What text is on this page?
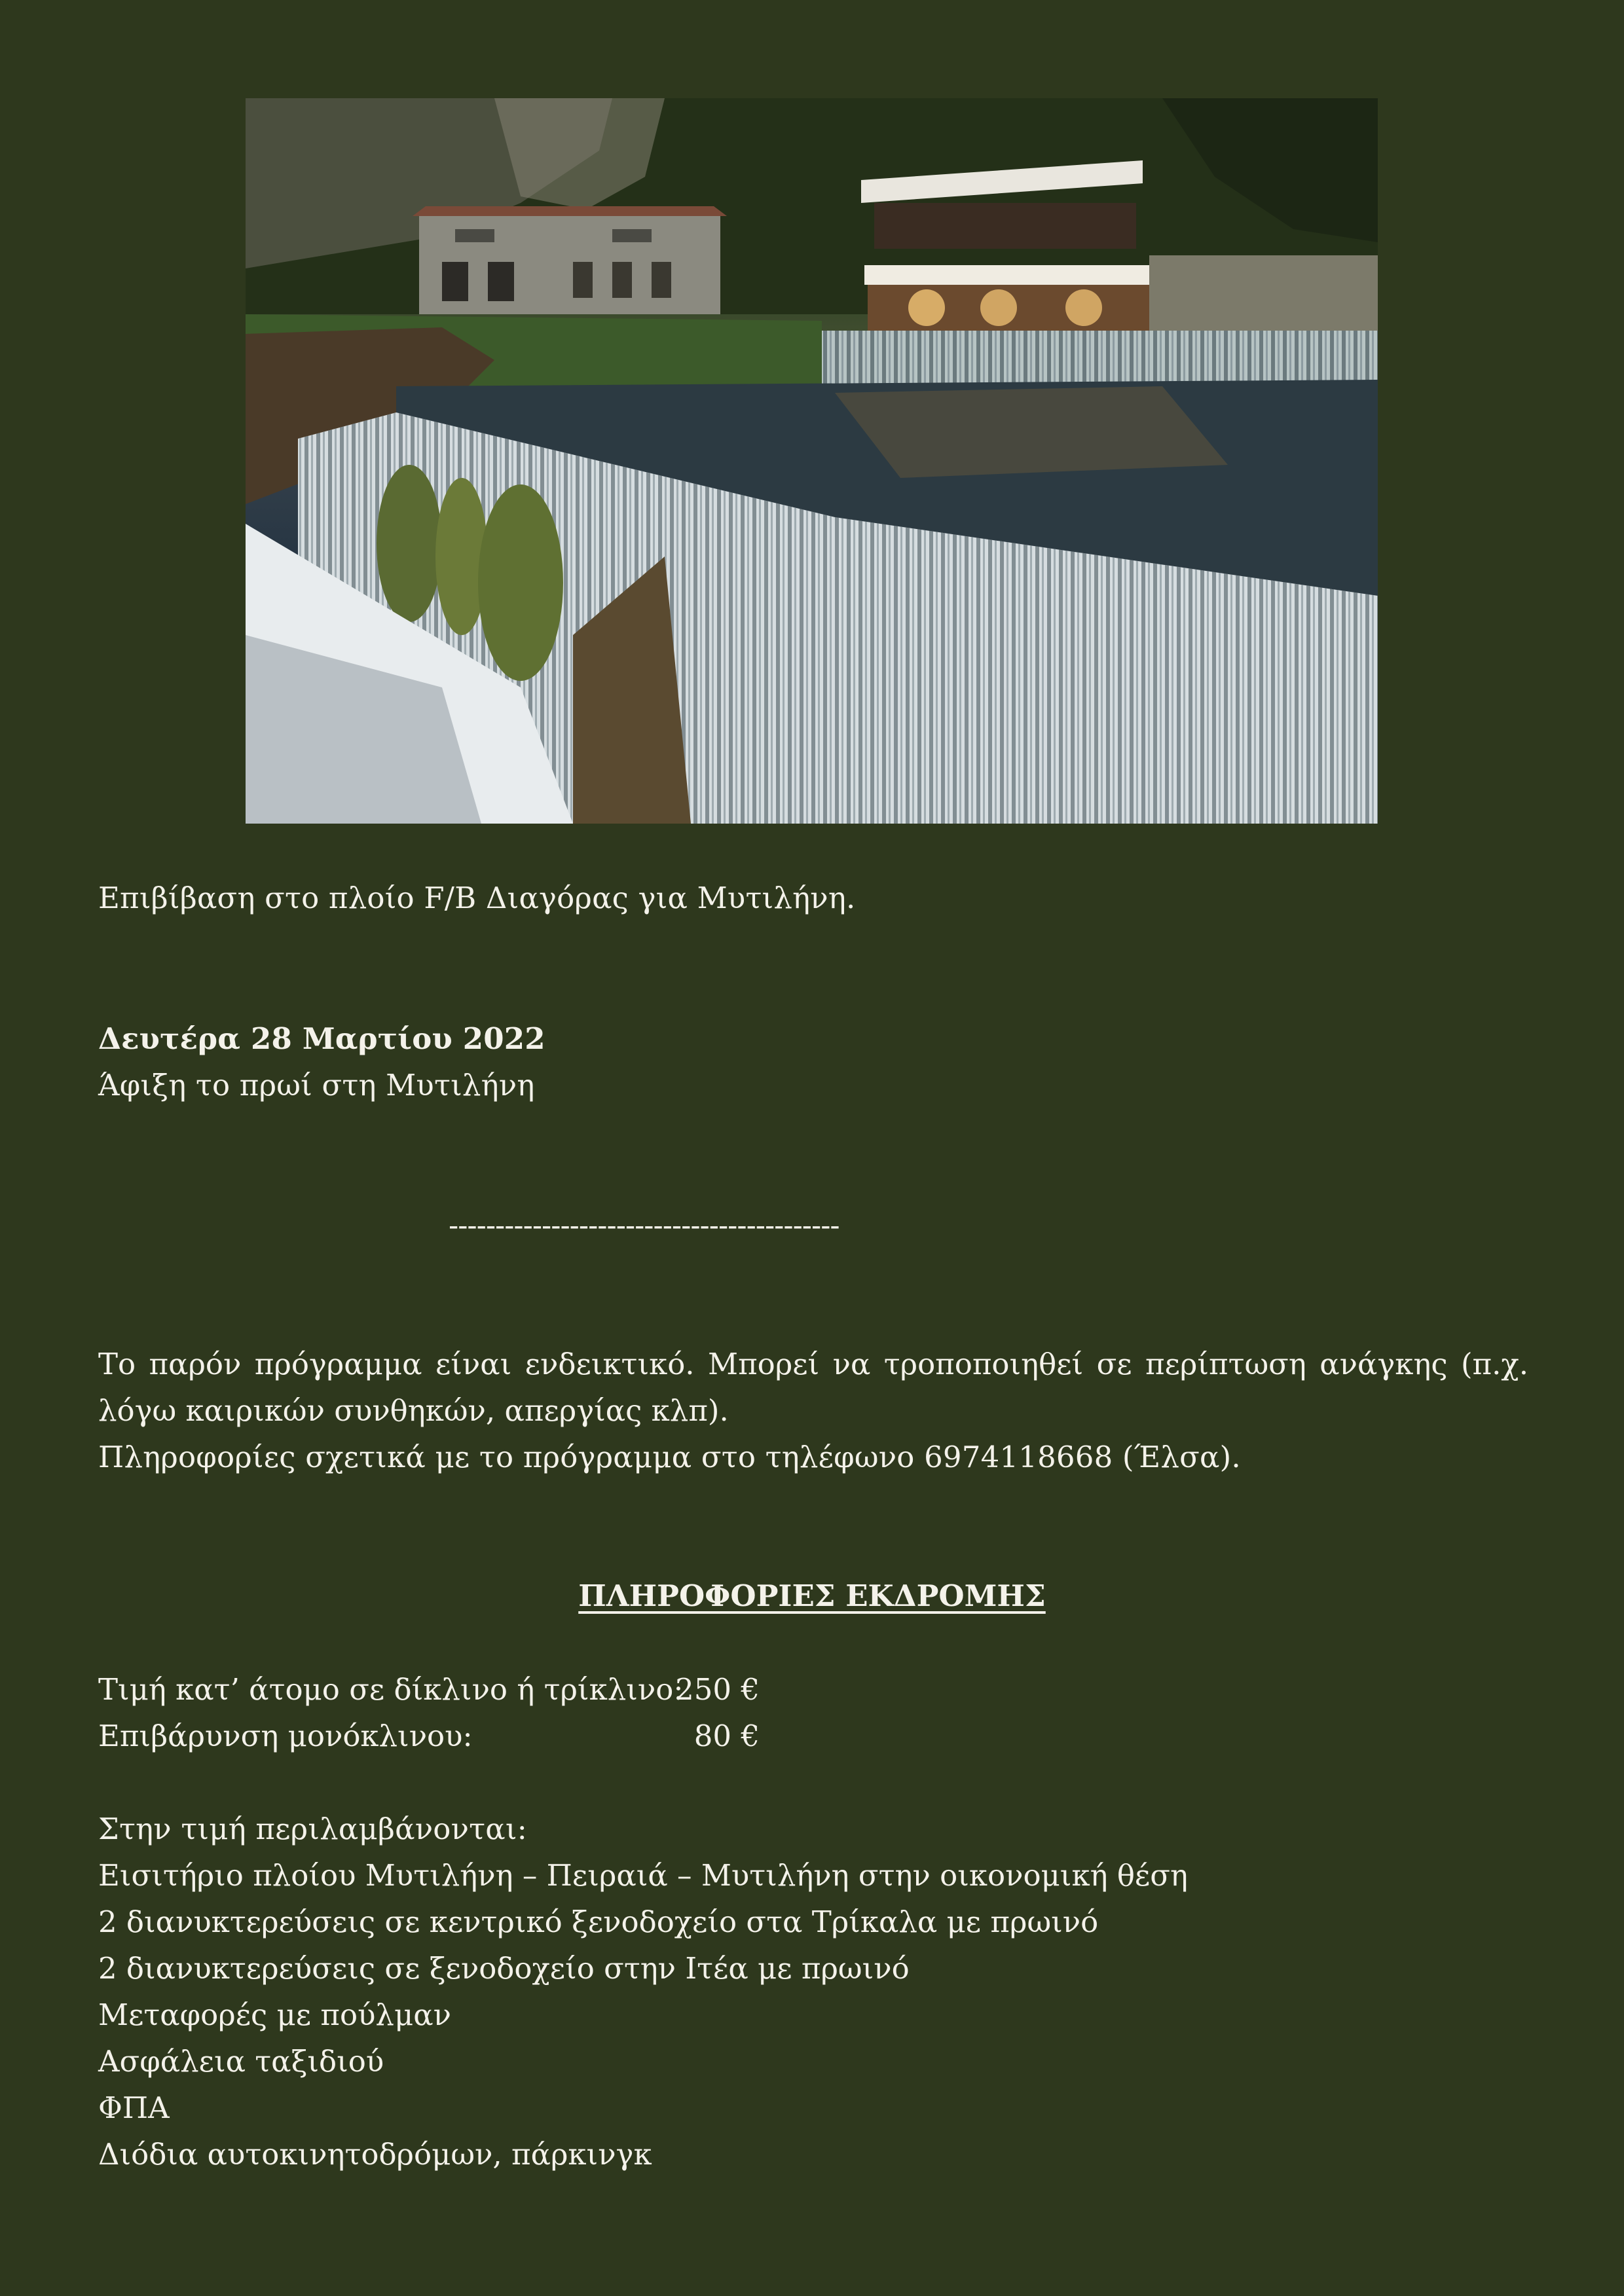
Επιβίβαση στο πλοίο F/B Διαγόρας για Μυτιλήνη.
Δευτέρα 28 Μαρτίου 2022
Άφιξη το πρωί στη Μυτιλήνη
------------------------------------------
Το παρόν πρόγραμμα είναι ενδεικτικό. Μπορεί να τροποποιηθεί σε περίπτωση ανάγκης (π.χ. λόγω καιρικών συνθηκών, απεργίας κλπ).
Πληροφορίες σχετικά με το πρόγραμμα στο τηλέφωνο 6974118668 (Έλσα).
ΠΛΗΡΟΦΟΡΙΕΣ ΕΚΔΡΟΜΗΣ
Τιμή κατ’ άτομο σε δίκλινο ή τρίκλινο:
250 €
Επιβάρυνση μονόκλινου:	80 €
Στην τιμή περιλαμβάνονται:
Εισιτήριο πλοίου Μυτιλήνη – Πειραιά – Μυτιλήνη στην οικονομική θέση
2 διανυκτερεύσεις σε κεντρικό ξενοδοχείο στα Τρίκαλα με πρωινό
2 διανυκτερεύσεις σε ξενοδοχείο στην Ιτέα με πρωινό
Μεταφορές με πούλμαν
Ασφάλεια ταξιδιού
ΦΠΑ
Διόδια αυτοκινητοδρόμων, πάρκινγκ
